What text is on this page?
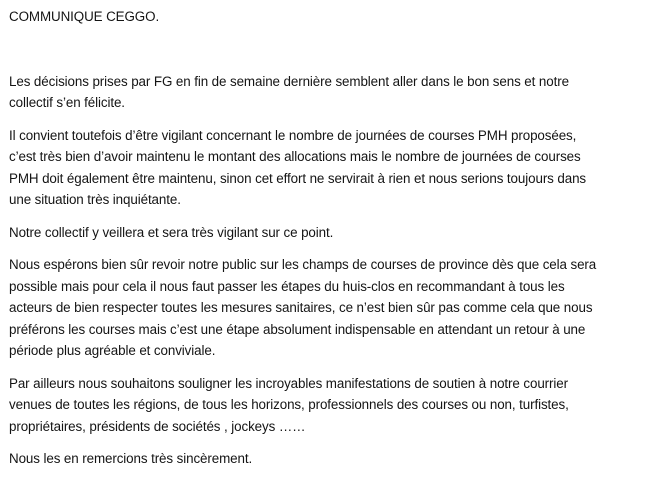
COMMUNIQUE CEGGO.

Les décisions prises par FG en fin de semaine dernière semblent aller dans le bon sens et notre
collectif s’en félicite.

Il convient toutefois d’être vigilant concernant le nombre de journées de courses PMH proposées,
c’est très bien d’avoir maintenu le montant des allocations mais le nombre de journées de courses
PMH doit également être maintenu, sinon cet effort ne servirait à rien et nous serions toujours dans
une situation très inquiétante.

Notre collectif y veillera et sera très vigilant sur ce point.

Nous espérons bien sûr revoir notre public sur les champs de courses de province dès que cela sera
possible mais pour cela il nous faut passer les étapes du huis-clos en recommandant à tous les
acteurs de bien respecter toutes les mesures sanitaires, ce n’est bien sûr pas comme cela que nous
préférons les courses mais c’est une étape absolument indispensable en attendant un retour à une
période plus agréable et conviviale.

Par ailleurs nous souhaitons souligner les incroyables manifestations de soutien à notre courrier
venues de toutes les régions, de tous les horizons, professionnels des courses ou non, turfistes,
propriétaires, présidents de sociétés , jockeys ……

Nous les en remercions très sincèrement.
